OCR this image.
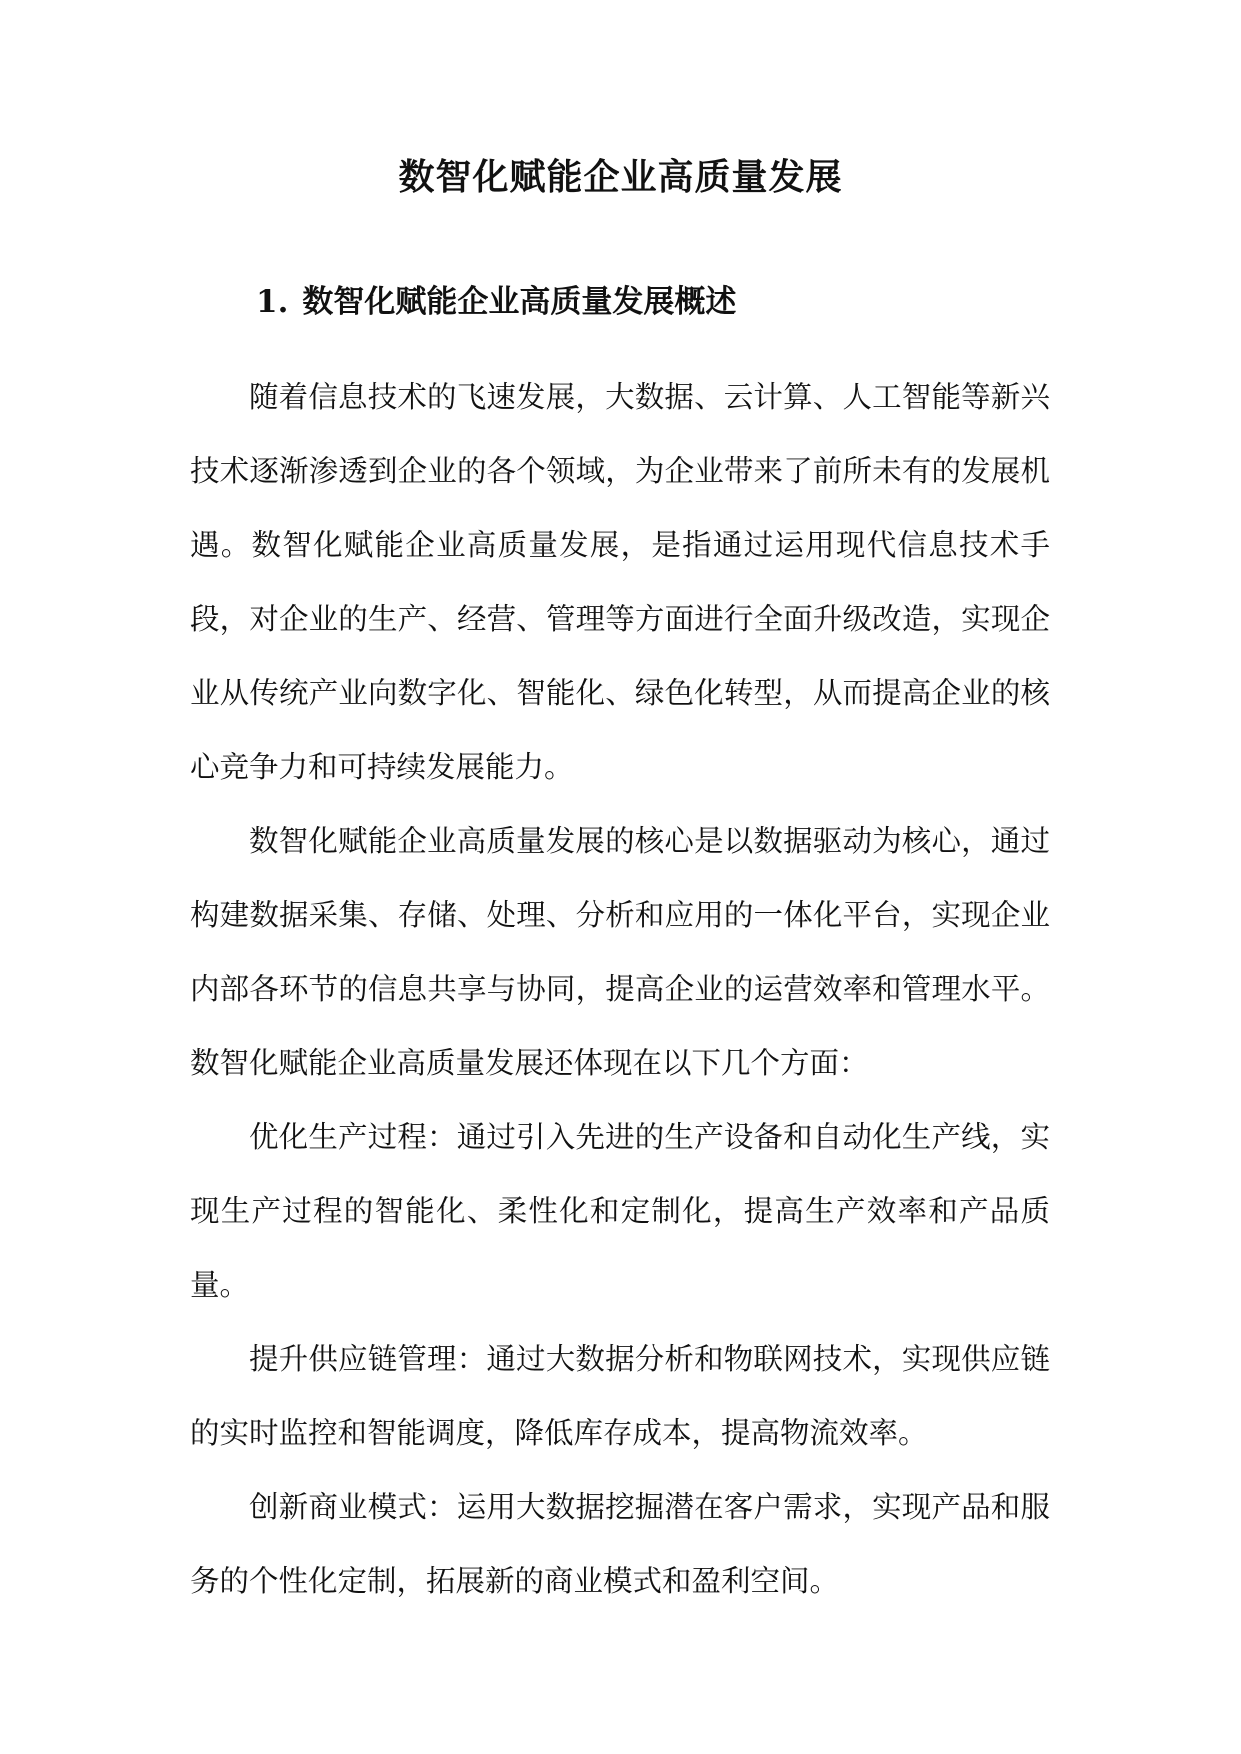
数智化赋能企业高质量发展
1. 数智化赋能企业高质量发展概述

随着信息技术的飞速发展，大数据、云计算、人工智能等新兴技术逐渐渗透到企业的各个领域，为企业带来了前所未有的发展机遇。数智化赋能企业高质量发展，是指通过运用现代信息技术手段，对企业的生产、经营、管理等方面进行全面升级改造，实现企业从传统产业向数字化、智能化、绿色化转型，从而提高企业的核心竞争力和可持续发展能力。

数智化赋能企业高质量发展的核心是以数据驱动为核心，通过构建数据采集、存储、处理、分析和应用的一体化平台，实现企业内部各环节的信息共享与协同，提高企业的运营效率和管理水平。数智化赋能企业高质量发展还体现在以下几个方面：

优化生产过程：通过引入先进的生产设备和自动化生产线，实现生产过程的智能化、柔性化和定制化，提高生产效率和产品质量。

提升供应链管理：通过大数据分析和物联网技术，实现供应链的实时监控和智能调度，降低库存成本，提高物流效率。

创新商业模式：运用大数据挖掘潜在客户需求，实现产品和服务的个性化定制，拓展新的商业模式和盈利空间。
